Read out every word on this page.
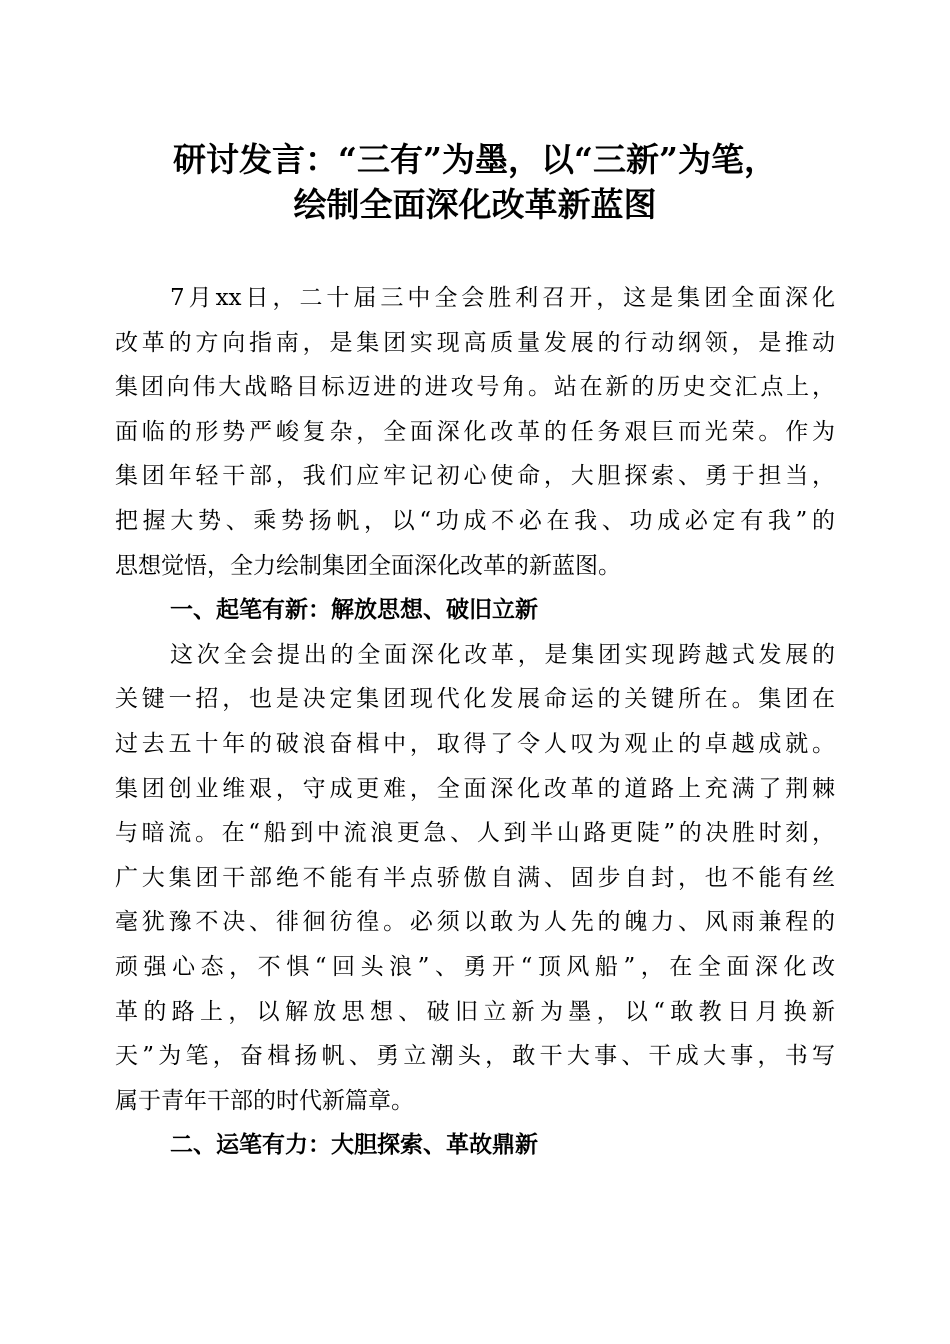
研讨发言：“三有”为墨，以“三新”为笔，
绘制全面深化改革新蓝图
7月xx日，二十届三中全会胜利召开，这是集团全面深化
改革的方向指南，是集团实现高质量发展的行动纲领，是推动
集团向伟大战略目标迈进的进攻号角。站在新的历史交汇点上，
面临的形势严峻复杂，全面深化改革的任务艰巨而光荣。作为
集团年轻干部，我们应牢记初心使命，大胆探索、勇于担当，
把握大势、乘势扬帆，以“功成不必在我、功成必定有我”的
思想觉悟，全力绘制集团全面深化改革的新蓝图。
一、起笔有新：解放思想、破旧立新
这次全会提出的全面深化改革，是集团实现跨越式发展的
关键一招，也是决定集团现代化发展命运的关键所在。集团在
过去五十年的破浪奋楫中，取得了令人叹为观止的卓越成就。
集团创业维艰，守成更难，全面深化改革的道路上充满了荆棘
与暗流。在“船到中流浪更急、人到半山路更陡”的决胜时刻，
广大集团干部绝不能有半点骄傲自满、固步自封，也不能有丝
毫犹豫不决、徘徊彷徨。必须以敢为人先的魄力、风雨兼程的
顽强心态，不惧“回头浪”、勇开“顶风船”，在全面深化改
革的路上，以解放思想、破旧立新为墨，以“敢教日月换新
天”为笔，奋楫扬帆、勇立潮头，敢干大事、干成大事，书写
属于青年干部的时代新篇章。
二、运笔有力：大胆探索、革故鼎新
